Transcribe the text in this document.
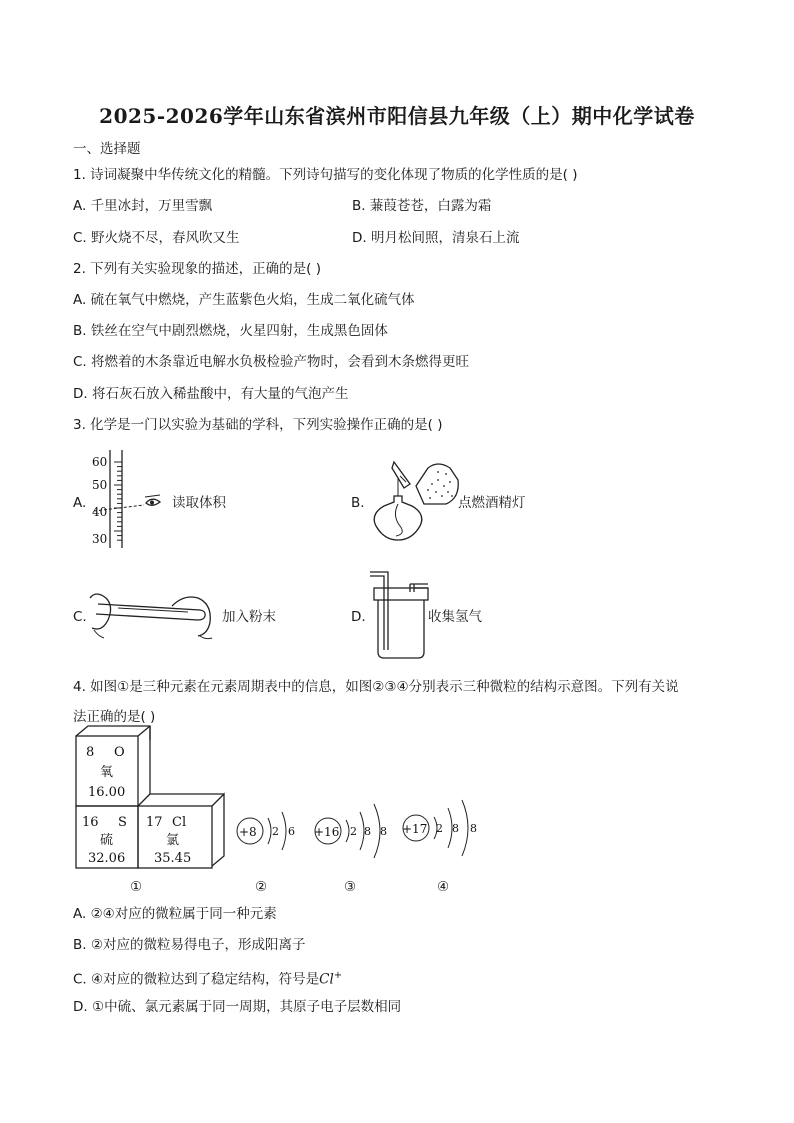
2025-2026学年山东省滨州市阳信县九年级（上）期中化学试卷
一、选择题
1. 诗词凝聚中华传统文化的精髓。下列诗句描写的变化体现了物质的化学性质的是( )
A. 千里冰封，万里雪飘	B. 蒹葭苍苍，白露为霜
C. 野火烧不尽，春风吹又生	D. 明月松间照，清泉石上流
2. 下列有关实验现象的描述，正确的是( )
A. 硫在氧气中燃烧，产生蓝紫色火焰，生成二氧化硫气体
B. 铁丝在空气中剧烈燃烧，火星四射，生成黑色固体
C. 将燃着的木条靠近电解水负极检验产物时，会看到木条燃得更旺
D. 将石灰石放入稀盐酸中，有大量的气泡产生
3. 化学是一门以实验为基础的学科，下列实验操作正确的是( )
A.
60
50
40
30
读取体积	B.	点燃酒精灯
C.	加入粉末	D.	收集氢气
4. 如图①是三种元素在元素周期表中的信息，如图②③④分别表示三种微粒的结构示意图。下列有关说
法正确的是( )
8 O
氧
16.00
16 S
硫
32.06
17 Cl
氯
35.45
+8 2 6 +16 2 8 8 +17 2 8 8
①	②	③	④
A. ②④对应的微粒属于同一种元素
B. ②对应的微粒易得电子，形成阳离子
C. ④对应的微粒达到了稳定结构，符号是Cl+
D. ①中硫、氯元素属于同一周期，其原子电子层数相同
